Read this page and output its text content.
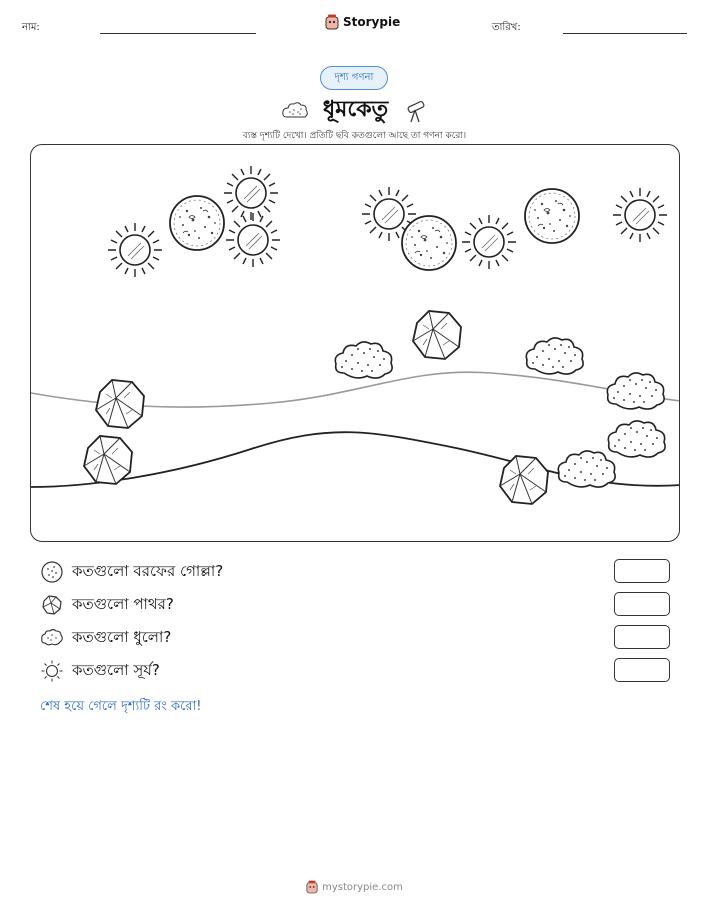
নাম:	Storypie	তারিখ:
দৃশ্য গণনা
ধূমকেতু
ব্যস্ত দৃশ্যটি দেখো। প্রতিটি ছবি কতগুলো আছে তা গণনা করো।
কতগুলো বরফের গোল্লা?
কতগুলো পাথর?
কতগুলো ধুলো?
কতগুলো সূর্য?
শেষ হয়ে গেলে দৃশ্যটি রং করো!
mystorypie.com
